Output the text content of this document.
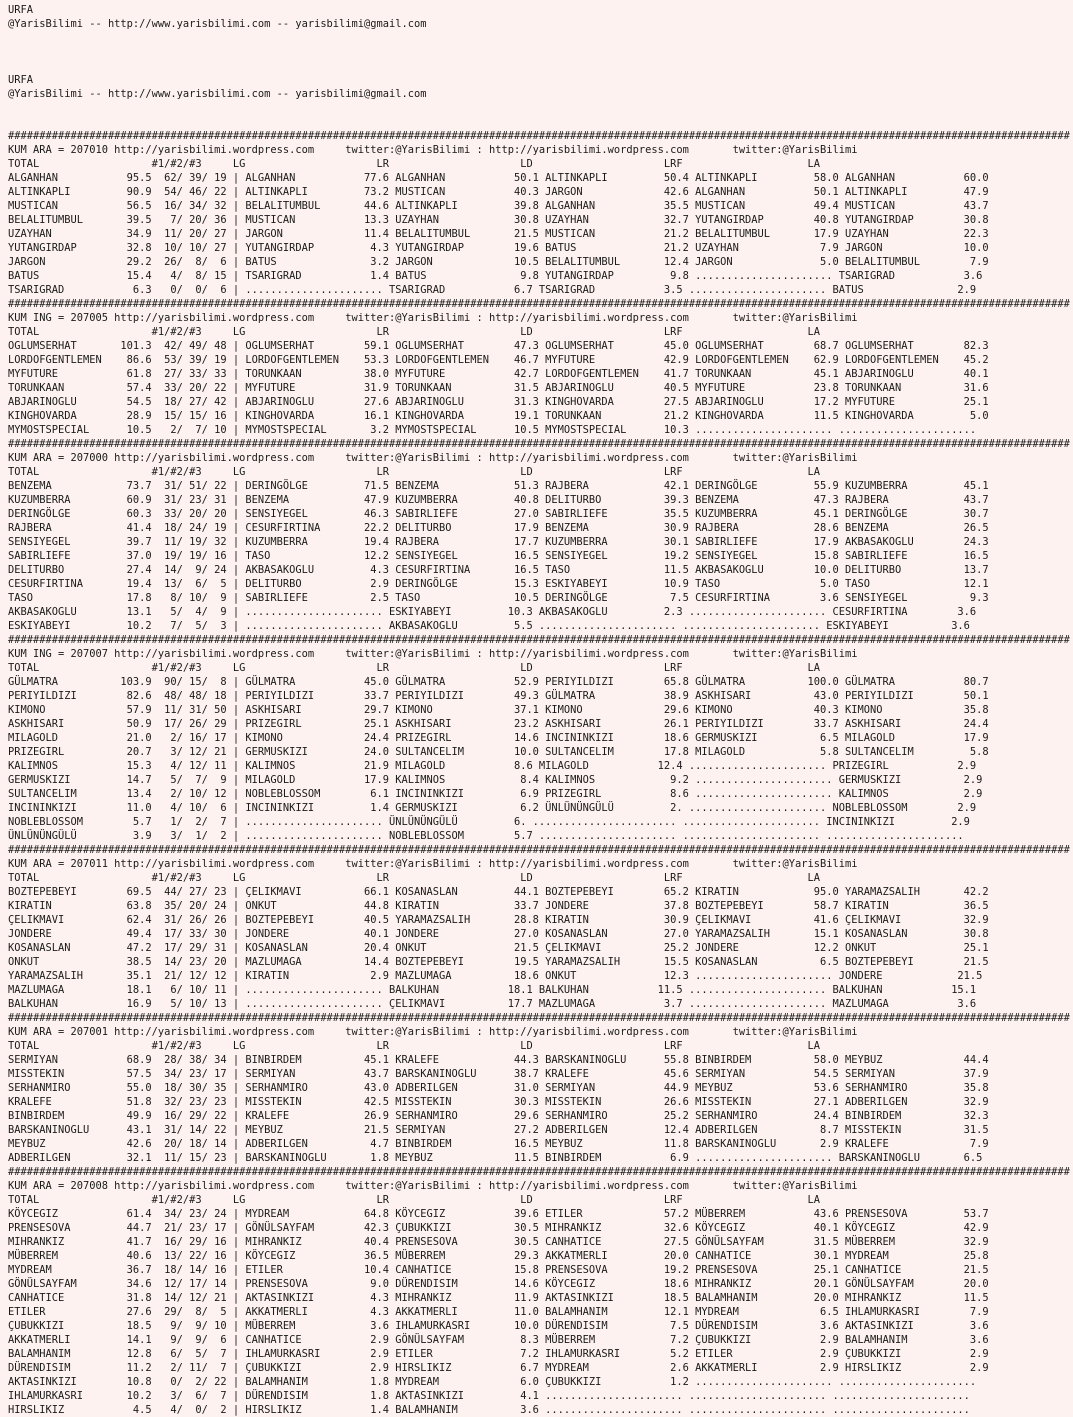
URFA
@YarisBilimi -- http://www.yarisbilimi.com -- yarisbilimi@gmail.com
URFA
@YarisBilimi -- http://www.yarisbilimi.com -- yarisbilimi@gmail.com
##########################################################################################################################################################################
KUM ARA = 207010 http://yarisbilimi.wordpress.com     twitter:@YarisBilimi : http://yarisbilimi.wordpress.com       twitter:@YarisBilimi
TOTAL                  #1/#2/#3     LG                     LR                     LD                     LRF                    LA
ALGANHAN           95.5  62/ 39/ 19 | ALGANHAN           77.6 ALGANHAN           50.1 ALTINKAPLI         50.4 ALTINKAPLI         58.0 ALGANHAN           60.0
ALTINKAPLI         90.9  54/ 46/ 22 | ALTINKAPLI         73.2 MUSTICAN           40.3 JARGON             42.6 ALGANHAN           50.1 ALTINKAPLI         47.9
MUSTICAN           56.5  16/ 34/ 32 | BELALITUMBUL       44.6 ALTINKAPLI         39.8 ALGANHAN           35.5 MUSTICAN           49.4 MUSTICAN           43.7
BELALITUMBUL       39.5   7/ 20/ 36 | MUSTICAN           13.3 UZAYHAN            30.8 UZAYHAN            32.7 YUTANGIRDAP        40.8 YUTANGIRDAP        30.8
UZAYHAN            34.9  11/ 20/ 27 | JARGON             11.4 BELALITUMBUL       21.5 MUSTICAN           21.2 BELALITUMBUL       17.9 UZAYHAN            22.3
YUTANGIRDAP        32.8  10/ 10/ 27 | YUTANGIRDAP         4.3 YUTANGIRDAP        19.6 BATUS              21.2 UZAYHAN             7.9 JARGON             10.0
JARGON             29.2  26/  8/  6 | BATUS               3.2 JARGON             10.5 BELALITUMBUL       12.4 JARGON              5.0 BELALITUMBUL        7.9
BATUS              15.4   4/  8/ 15 | TSARIGRAD           1.4 BATUS               9.8 YUTANGIRDAP         9.8 ...................... TSARIGRAD           3.6
TSARIGRAD           6.3   0/  0/  6 | ...................... TSARIGRAD           6.7 TSARIGRAD           3.5 ...................... BATUS               2.9
##########################################################################################################################################################################
KUM ING = 207005 http://yarisbilimi.wordpress.com     twitter:@YarisBilimi : http://yarisbilimi.wordpress.com       twitter:@YarisBilimi
TOTAL                  #1/#2/#3     LG                     LR                     LD                     LRF                    LA
OGLUMSERHAT       101.3  42/ 49/ 48 | OGLUMSERHAT        59.1 OGLUMSERHAT        47.3 OGLUMSERHAT        45.0 OGLUMSERHAT        68.7 OGLUMSERHAT        82.3
LORDOFGENTLEMEN    86.6  53/ 39/ 19 | LORDOFGENTLEMEN    53.3 LORDOFGENTLEMEN    46.7 MYFUTURE           42.9 LORDOFGENTLEMEN    62.9 LORDOFGENTLEMEN    45.2
MYFUTURE           61.8  27/ 33/ 33 | TORUNKAAN          38.0 MYFUTURE           42.7 LORDOFGENTLEMEN    41.7 TORUNKAAN          45.1 ABJARINOGLU        40.1
TORUNKAAN          57.4  33/ 20/ 22 | MYFUTURE           31.9 TORUNKAAN          31.5 ABJARINOGLU        40.5 MYFUTURE           23.8 TORUNKAAN          31.6
ABJARINOGLU        54.5  18/ 27/ 42 | ABJARINOGLU        27.6 ABJARINOGLU        31.3 KINGHOVARDA        27.5 ABJARINOGLU        17.2 MYFUTURE           25.1
KINGHOVARDA        28.9  15/ 15/ 16 | KINGHOVARDA        16.1 KINGHOVARDA        19.1 TORUNKAAN          21.2 KINGHOVARDA        11.5 KINGHOVARDA         5.0
MYMOSTSPECIAL      10.5   2/  7/ 10 | MYMOSTSPECIAL       3.2 MYMOSTSPECIAL      10.5 MYMOSTSPECIAL      10.3 ...................... ......................
##########################################################################################################################################################################
KUM ARA = 207000 http://yarisbilimi.wordpress.com     twitter:@YarisBilimi : http://yarisbilimi.wordpress.com       twitter:@YarisBilimi
TOTAL                  #1/#2/#3     LG                     LR                     LD                     LRF                    LA
BENZEMA            73.7  31/ 51/ 22 | DERINGÖLGE         71.5 BENZEMA            51.3 RAJBERA            42.1 DERINGÖLGE         55.9 KUZUMBERRA         45.1
KUZUMBERRA         60.9  31/ 23/ 31 | BENZEMA            47.9 KUZUMBERRA         40.8 DELITURBO          39.3 BENZEMA            47.3 RAJBERA            43.7
DERINGÖLGE         60.3  33/ 20/ 20 | SENSIYEGEL         46.3 SABIRLIEFE         27.0 SABIRLIEFE         35.5 KUZUMBERRA         45.1 DERINGÖLGE         30.7
RAJBERA            41.4  18/ 24/ 19 | CESURFIRTINA       22.2 DELITURBO          17.9 BENZEMA            30.9 RAJBERA            28.6 BENZEMA            26.5
SENSIYEGEL         39.7  11/ 19/ 32 | KUZUMBERRA         19.4 RAJBERA            17.7 KUZUMBERRA         30.1 SABIRLIEFE         17.9 AKBASAKOGLU        24.3
SABIRLIEFE         37.0  19/ 19/ 16 | TASO               12.2 SENSIYEGEL         16.5 SENSIYEGEL         19.2 SENSIYEGEL         15.8 SABIRLIEFE         16.5
DELITURBO          27.4  14/  9/ 24 | AKBASAKOGLU         4.3 CESURFIRTINA       16.5 TASO               11.5 AKBASAKOGLU        10.0 DELITURBO          13.7
CESURFIRTINA       19.4  13/  6/  5 | DELITURBO           2.9 DERINGÖLGE         15.3 ESKIYABEYI         10.9 TASO                5.0 TASO               12.1
TASO               17.8   8/ 10/  9 | SABIRLIEFE          2.5 TASO               10.5 DERINGÖLGE          7.5 CESURFIRTINA        3.6 SENSIYEGEL          9.3
AKBASAKOGLU        13.1   5/  4/  9 | ...................... ESKIYABEYI         10.3 AKBASAKOGLU         2.3 ...................... CESURFIRTINA        3.6
ESKIYABEYI         10.2   7/  5/  3 | ...................... AKBASAKOGLU         5.5 ...................... ...................... ESKIYABEYI          3.6
##########################################################################################################################################################################
KUM ING = 207007 http://yarisbilimi.wordpress.com     twitter:@YarisBilimi : http://yarisbilimi.wordpress.com       twitter:@YarisBilimi
TOTAL                  #1/#2/#3     LG                     LR                     LD                     LRF                    LA
GÜLMATRA          103.9  90/ 15/  8 | GÜLMATRA           45.0 GÜLMATRA           52.9 PERIYILDIZI        65.8 GÜLMATRA          100.0 GÜLMATRA           80.7
PERIYILDIZI        82.6  48/ 48/ 18 | PERIYILDIZI        33.7 PERIYILDIZI        49.3 GÜLMATRA           38.9 ASKHISARI          43.0 PERIYILDIZI        50.1
KIMONO             57.9  11/ 31/ 50 | ASKHISARI          29.7 KIMONO             37.1 KIMONO             29.6 KIMONO             40.3 KIMONO             35.8
ASKHISARI          50.9  17/ 26/ 29 | PRIZEGIRL          25.1 ASKHISARI          23.2 ASKHISARI          26.1 PERIYILDIZI        33.7 ASKHISARI          24.4
MILAGOLD           21.0   2/ 16/ 17 | KIMONO             24.4 PRIZEGIRL          14.6 INCININKIZI        18.6 GERMUSKIZI          6.5 MILAGOLD           17.9
PRIZEGIRL          20.7   3/ 12/ 21 | GERMUSKIZI         24.0 SULTANCELIM        10.0 SULTANCELIM        17.8 MILAGOLD            5.8 SULTANCELIM         5.8
KALIMNOS           15.3   4/ 12/ 11 | KALIMNOS           21.9 MILAGOLD           8.6 MILAGOLD           12.4 ...................... PRIZEGIRL           2.9
GERMUSKIZI         14.7   5/  7/  9 | MILAGOLD           17.9 KALIMNOS            8.4 KALIMNOS            9.2 ...................... GERMUSKIZI          2.9
SULTANCELIM        13.4   2/ 10/ 12 | NOBLEBLOSSOM        6.1 INCININKIZI         6.9 PRIZEGIRL           8.6 ...................... KALIMNOS            2.9
INCININKIZI        11.0   4/ 10/  6 | INCININKIZI         1.4 GERMUSKIZI          6.2 ÜNLÜNÜNGÜLÜ         2. ...................... NOBLEBLOSSOM        2.9
NOBLEBLOSSOM        5.7   1/  2/  7 | ...................... ÜNLÜNÜNGÜLÜ         6. ....................... ...................... INCININKIZI         2.9
ÜNLÜNÜNGÜLÜ         3.9   3/  1/  2 | ...................... NOBLEBLOSSOM        5.7 ...................... ...................... ......................
##########################################################################################################################################################################
KUM ARA = 207011 http://yarisbilimi.wordpress.com     twitter:@YarisBilimi : http://yarisbilimi.wordpress.com       twitter:@YarisBilimi
TOTAL                  #1/#2/#3     LG                     LR                     LD                     LRF                    LA
BOZTEPEBEYI        69.5  44/ 27/ 23 | ÇELIKMAVI          66.1 KOSANASLAN         44.1 BOZTEPEBEYI        65.2 KIRATIN            95.0 YARAMAZSALIH       42.2
KIRATIN            63.8  35/ 20/ 24 | ONKUT              44.8 KIRATIN            33.7 JONDERE            37.8 BOZTEPEBEYI        58.7 KIRATIN            36.5
ÇELIKMAVI          62.4  31/ 26/ 26 | BOZTEPEBEYI        40.5 YARAMAZSALIH       28.8 KIRATIN            30.9 ÇELIKMAVI          41.6 ÇELIKMAVI          32.9
JONDERE            49.4  17/ 33/ 30 | JONDERE            40.1 JONDERE            27.0 KOSANASLAN         27.0 YARAMAZSALIH       15.1 KOSANASLAN         30.8
KOSANASLAN         47.2  17/ 29/ 31 | KOSANASLAN         20.4 ONKUT              21.5 ÇELIKMAVI          25.2 JONDERE            12.2 ONKUT              25.1
ONKUT              38.5  14/ 23/ 20 | MAZLUMAGA          14.4 BOZTEPEBEYI        19.5 YARAMAZSALIH       15.5 KOSANASLAN          6.5 BOZTEPEBEYI        21.5
YARAMAZSALIH       35.1  21/ 12/ 12 | KIRATIN             2.9 MAZLUMAGA          18.6 ONKUT              12.3 ...................... JONDERE            21.5
MAZLUMAGA          18.1   6/ 10/ 11 | ...................... BALKUHAN           18.1 BALKUHAN           11.5 ...................... BALKUHAN           15.1
BALKUHAN           16.9   5/ 10/ 13 | ...................... ÇELIKMAVI          17.7 MAZLUMAGA           3.7 ...................... MAZLUMAGA           3.6
##########################################################################################################################################################################
KUM ARA = 207001 http://yarisbilimi.wordpress.com     twitter:@YarisBilimi : http://yarisbilimi.wordpress.com       twitter:@YarisBilimi
TOTAL                  #1/#2/#3     LG                     LR                     LD                     LRF                    LA
SERMIYAN           68.9  28/ 38/ 34 | BINBIRDEM          45.1 KRALEFE            44.3 BARSKANINOGLU      55.8 BINBIRDEM          58.0 MEYBUZ             44.4
MISSTEKIN          57.5  34/ 23/ 17 | SERMIYAN           43.7 BARSKANINOGLU      38.7 KRALEFE            45.6 SERMIYAN           54.5 SERMIYAN           37.9
SERHANMIRO         55.0  18/ 30/ 35 | SERHANMIRO         43.0 ADBERILGEN         31.0 SERMIYAN           44.9 MEYBUZ             53.6 SERHANMIRO         35.8
KRALEFE            51.8  32/ 23/ 23 | MISSTEKIN          42.5 MISSTEKIN          30.3 MISSTEKIN          26.6 MISSTEKIN          27.1 ADBERILGEN         32.9
BINBIRDEM          49.9  16/ 29/ 22 | KRALEFE            26.9 SERHANMIRO         29.6 SERHANMIRO         25.2 SERHANMIRO         24.4 BINBIRDEM          32.3
BARSKANINOGLU      43.1  31/ 14/ 22 | MEYBUZ             21.5 SERMIYAN           27.2 ADBERILGEN         12.4 ADBERILGEN          8.7 MISSTEKIN          31.5
MEYBUZ             42.6  20/ 18/ 14 | ADBERILGEN          4.7 BINBIRDEM          16.5 MEYBUZ             11.8 BARSKANINOGLU       2.9 KRALEFE             7.9
ADBERILGEN         32.1  11/ 15/ 23 | BARSKANINOGLU       1.8 MEYBUZ             11.5 BINBIRDEM           6.9 ...................... BARSKANINOGLU       6.5
##########################################################################################################################################################################
KUM ARA = 207008 http://yarisbilimi.wordpress.com     twitter:@YarisBilimi : http://yarisbilimi.wordpress.com       twitter:@YarisBilimi
TOTAL                  #1/#2/#3     LG                     LR                     LD                     LRF                    LA
KÖYCEGIZ           61.4  34/ 23/ 24 | MYDREAM            64.8 KÖYCEGIZ           39.6 ETILER             57.2 MÜBERREM           43.6 PRENSESOVA         53.7
PRENSESOVA         44.7  21/ 23/ 17 | GÖNÜLSAYFAM        42.3 ÇUBUKKIZI          30.5 MIHRANKIZ          32.6 KÖYCEGIZ           40.1 KÖYCEGIZ           42.9
MIHRANKIZ          41.7  16/ 29/ 16 | MIHRANKIZ          40.4 PRENSESOVA         30.5 CANHATICE          27.5 GÖNÜLSAYFAM        31.5 MÜBERREM           32.9
MÜBERREM           40.6  13/ 22/ 16 | KÖYCEGIZ           36.5 MÜBERREM           29.3 AKKATMERLI         20.0 CANHATICE          30.1 MYDREAM            25.8
MYDREAM            36.7  18/ 14/ 16 | ETILER             10.4 CANHATICE          15.8 PRENSESOVA         19.2 PRENSESOVA         25.1 CANHATICE          21.5
GÖNÜLSAYFAM        34.6  12/ 17/ 14 | PRENSESOVA          9.0 DÜRENDISIM         14.6 KÖYCEGIZ           18.6 MIHRANKIZ          20.1 GÖNÜLSAYFAM        20.0
CANHATICE          31.8  14/ 12/ 21 | AKTASINKIZI         4.3 MIHRANKIZ          11.9 AKTASINKIZI        18.5 BALAMHANIM         20.0 MIHRANKIZ          11.5
ETILER             27.6  29/  8/  5 | AKKATMERLI          4.3 AKKATMERLI         11.0 BALAMHANIM         12.1 MYDREAM             6.5 IHLAMURKASRI        7.9
ÇUBUKKIZI          18.5   9/  9/ 10 | MÜBERREM            3.6 IHLAMURKASRI       10.0 DÜRENDISIM          7.5 DÜRENDISIM          3.6 AKTASINKIZI         3.6
AKKATMERLI         14.1   9/  9/  6 | CANHATICE           2.9 GÖNÜLSAYFAM         8.3 MÜBERREM            7.2 ÇUBUKKIZI           2.9 BALAMHANIM          3.6
BALAMHANIM         12.8   6/  5/  7 | IHLAMURKASRI        2.9 ETILER              7.2 IHLAMURKASRI        5.2 ETILER              2.9 ÇUBUKKIZI           2.9
DÜRENDISIM         11.2   2/ 11/  7 | ÇUBUKKIZI           2.9 HIRSLIKIZ           6.7 MYDREAM             2.6 AKKATMERLI          2.9 HIRSLIKIZ           2.9
AKTASINKIZI        10.8   0/  2/ 22 | BALAMHANIM          1.8 MYDREAM             6.0 ÇUBUKKIZI           1.2 ...................... ......................
IHLAMURKASRI       10.2   3/  6/  7 | DÜRENDISIM          1.8 AKTASINKIZI         4.1 ...................... ...................... ......................
HIRSLIKIZ           4.5   4/  0/  2 | HIRSLIKIZ           1.4 BALAMHANIM          3.6 ...................... ...................... ......................
